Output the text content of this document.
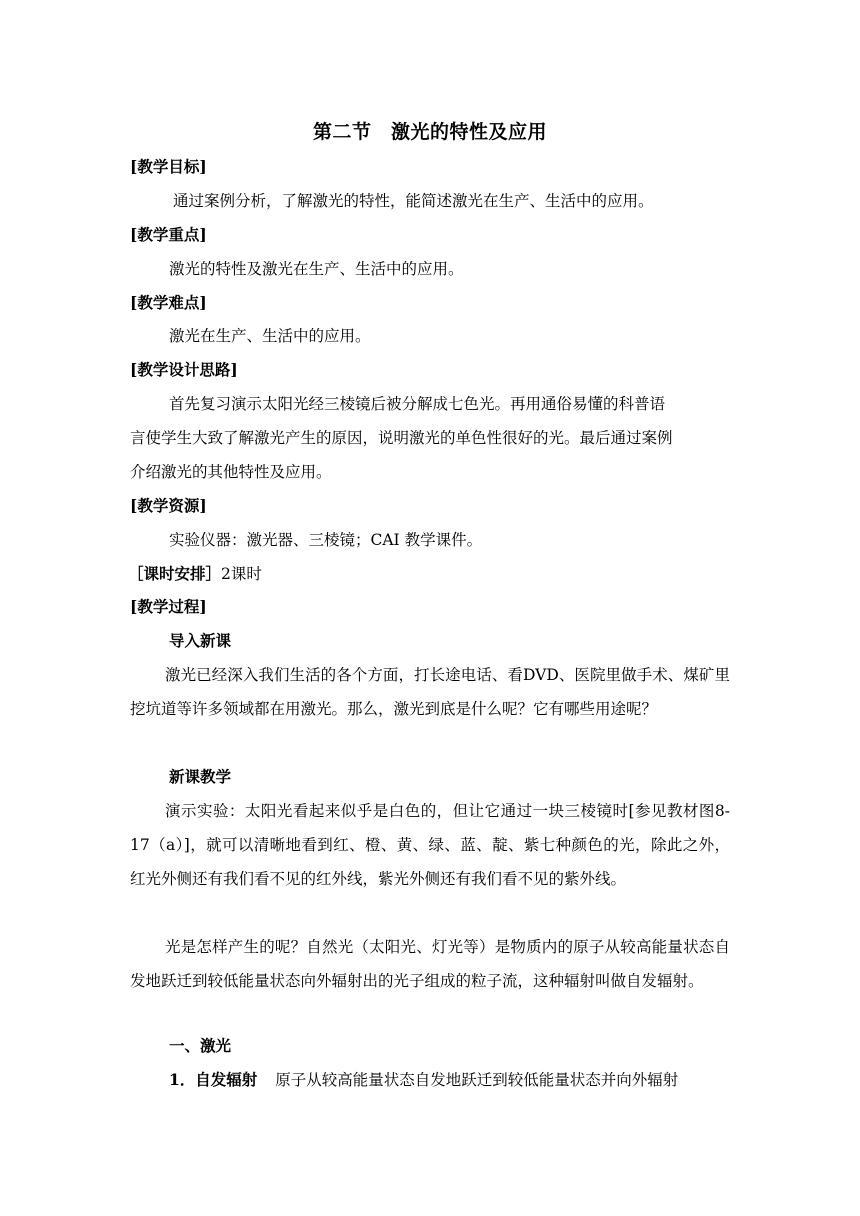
第二节　激光的特性及应用
[教学目标]
通过案例分析，了解激光的特性，能简述激光在生产、生活中的应用。
[教学重点]
激光的特性及激光在生产、生活中的应用。
[教学难点]
激光在生产、生活中的应用。
[教学设计思路]
首先复习演示太阳光经三棱镜后被分解成七色光。再用通俗易懂的科普语
言使学生大致了解激光产生的原因，说明激光的单色性很好的光。最后通过案例
介绍激光的其他特性及应用。
[教学资源]
实验仪器：激光器、三棱镜；CAI 教学课件。
［课时安排］2课时
[教学过程]
导入新课
激光已经深入我们生活的各个方面，打长途电话、看DVD、医院里做手术、煤矿里挖坑道等许多领域都在用激光。那么，激光到底是什么呢？它有哪些用途呢？
新课教学
演示实验：太阳光看起来似乎是白色的，但让它通过一块三棱镜时[参见教材图8-17（a）]，就可以清晰地看到红、橙、黄、绿、蓝、靛、紫七种颜色的光，除此之外，红光外侧还有我们看不见的红外线，紫光外侧还有我们看不见的紫外线。
光是怎样产生的呢？自然光（太阳光、灯光等）是物质内的原子从较高能量状态自发地跃迁到较低能量状态向外辐射出的光子组成的粒子流，这种辐射叫做自发辐射。
一、激光
1．自发辐射 原子从较高能量状态自发地跃迁到较低能量状态并向外辐射
